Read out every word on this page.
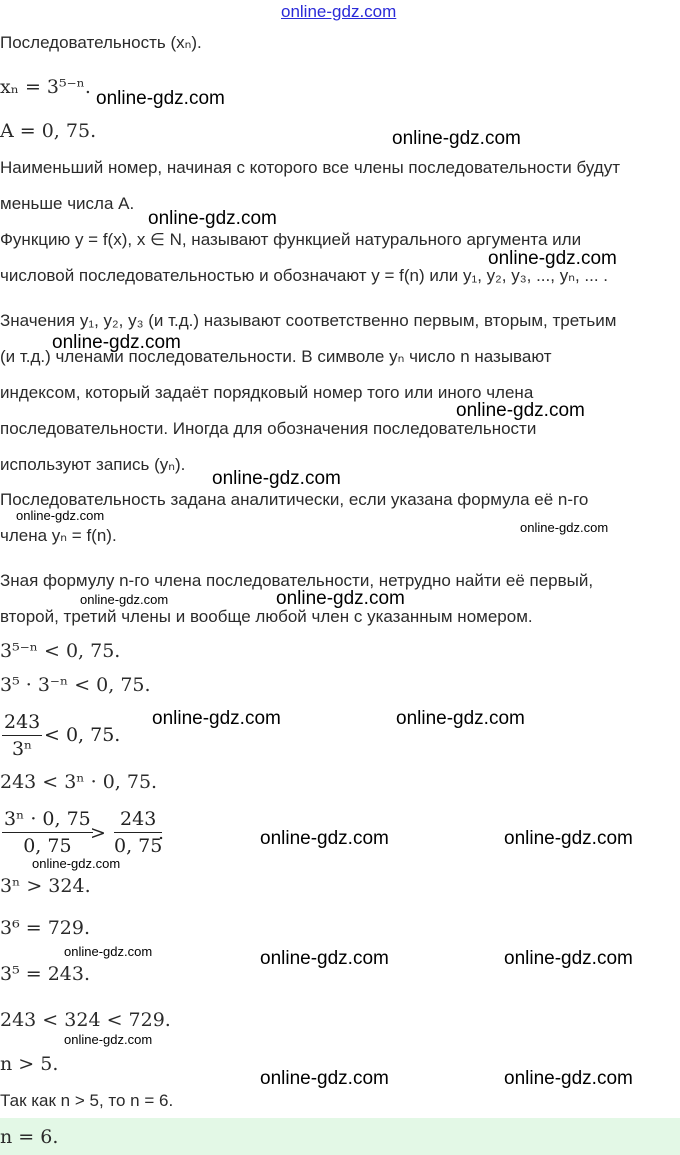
online-gdz.com
Последовательность (xₙ).
xₙ = 3⁵⁻ⁿ.
A = 0, 75.
Наименьший номер, начиная с которого все члены последовательности будут
меньше числа A.
Функцию y = f(x), x ∈ N, называют функцией натурального аргумента или
числовой последовательностью и обозначают y = f(n) или y₁, y₂, y₃, ..., yₙ, ... .
Значения y₁, y₂, y₃ (и т.д.) называют соответственно первым, вторым, третьим
(и т.д.) членами последовательности. В символе yₙ число n называют
индексом, который задаёт порядковый номер того или иного члена
последовательности. Иногда для обозначения последовательности
используют запись (yₙ).
Последовательность задана аналитически, если указана формула её n-го
члена yₙ = f(n).
Зная формулу n-го члена последовательности, нетрудно найти её первый,
второй, третий члены и вообще любой член с указанным номером.
3⁵⁻ⁿ < 0, 75.
3⁵ · 3⁻ⁿ < 0, 75.
$\frac{243}{\text{3ⁿ}} < 0$, 75.
243 < 3ⁿ · 0, 75.
$\frac{\text{3ⁿ · 0, 75}}{0, 75}$
> $\frac{243}{0, 75}$
.
3ⁿ > 324.
3⁶ = 729.
3⁵ = 243.
243 < 324 < 729.
n > 5.
Так как n > 5, то n = 6.
n = 6.
online-gdz.com
online-gdz.com
online-gdz.com
online-gdz.com
online-gdz.com
online-gdz.com
online-gdz.com
online-gdz.com
online-gdz.com
online-gdz.com	online-gdz.com
online-gdz.com	online-gdz.com
online-gdz.com	online-gdz.com
online-gdz.com
online-gdz.com	online-gdz.com	online-gdz.com
online-gdz.com
online-gdz.com	online-gdz.com
